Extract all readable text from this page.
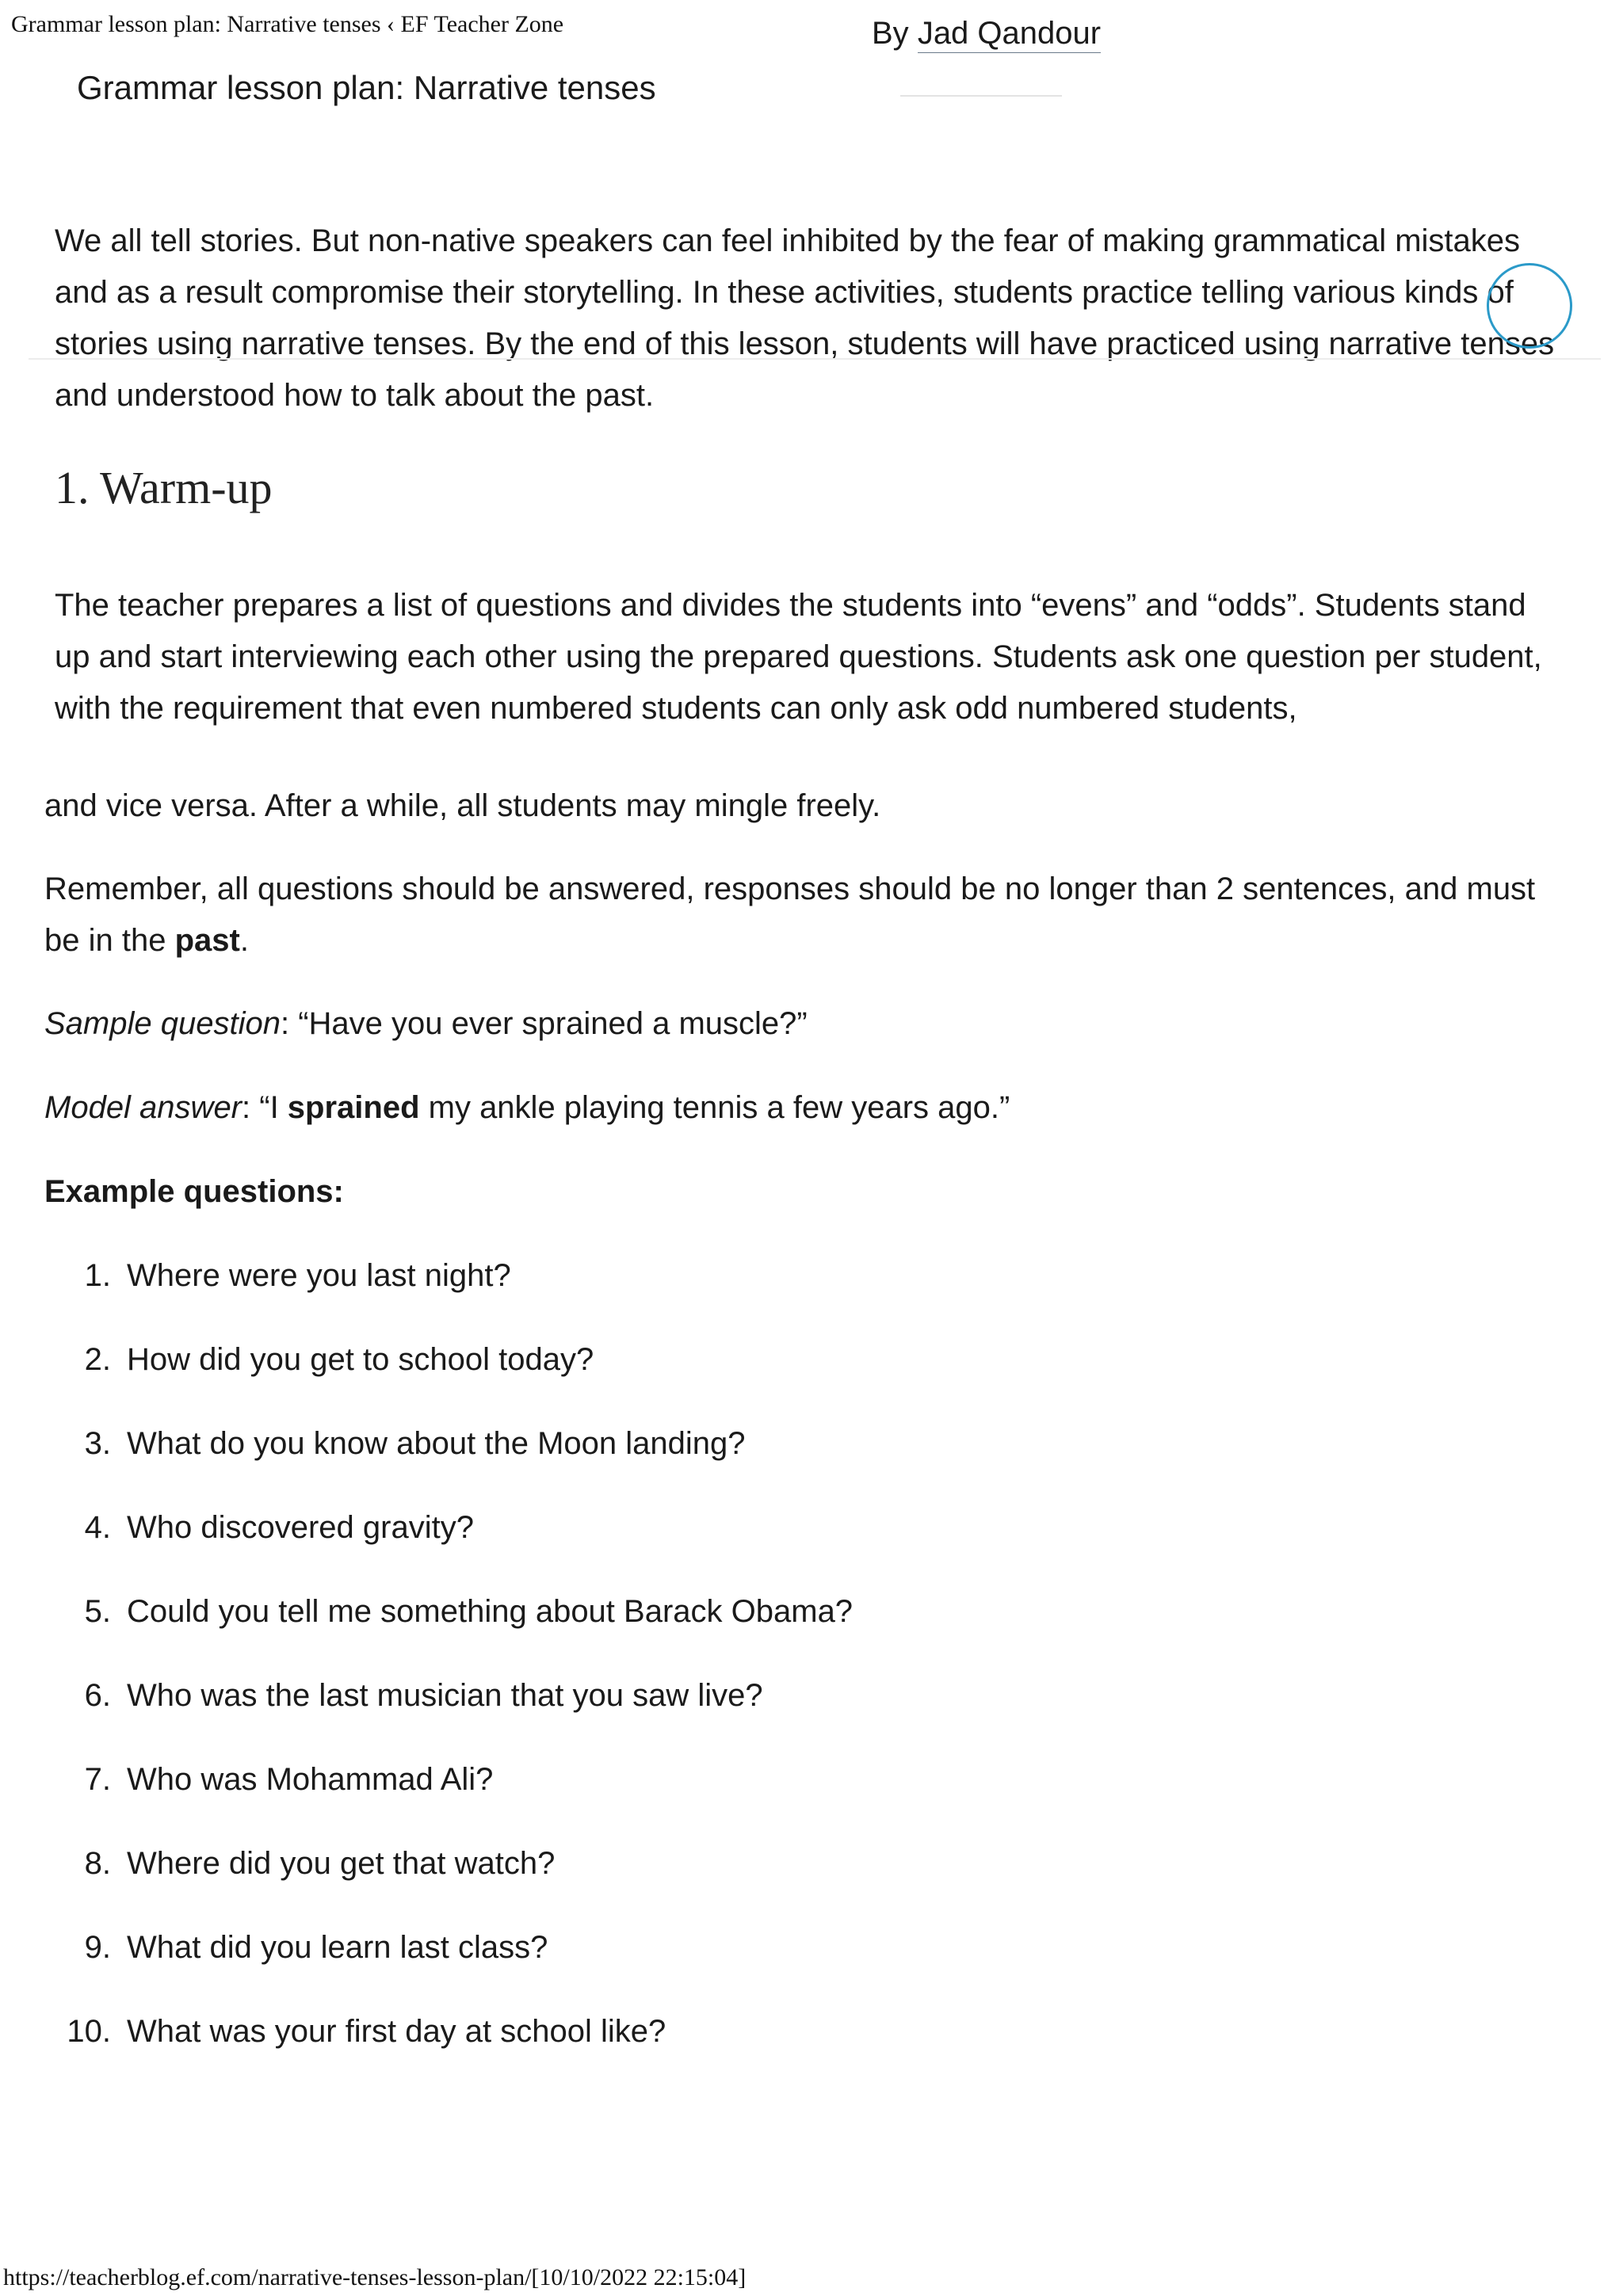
Grammar lesson plan: Narrative tenses ‹ EF Teacher Zone	By Jad Qandour
Grammar lesson plan: Narrative tenses

We all tell stories. But non-native speakers can feel inhibited by the fear of making grammatical mistakes and as a result compromise their storytelling. In these activities, students practice telling various kinds of stories using narrative tenses. By the end of this lesson, students will have practiced using narrative tenses and understood how to talk about the past.

1. Warm-up

The teacher prepares a list of questions and divides the students into “evens” and “odds”. Students stand up and start interviewing each other using the prepared questions. Students ask one question per student, with the requirement that even numbered students can only ask odd numbered students,

and vice versa. After a while, all students may mingle freely.

Remember, all questions should be answered, responses should be no longer than 2 sentences, and must be in the past.

Sample question: “Have you ever sprained a muscle?”

Model answer: “I sprained my ankle playing tennis a few years ago.”

Example questions:

1. Where were you last night?
2. How did you get to school today?
3. What do you know about the Moon landing?
4. Who discovered gravity?
5. Could you tell me something about Barack Obama?
6. Who was the last musician that you saw live?
7. Who was Mohammad Ali?
8. Where did you get that watch?
9. What did you learn last class?
10. What was your first day at school like?
https://teacherblog.ef.com/narrative-tenses-lesson-plan/[10/10/2022 22:15:04]
